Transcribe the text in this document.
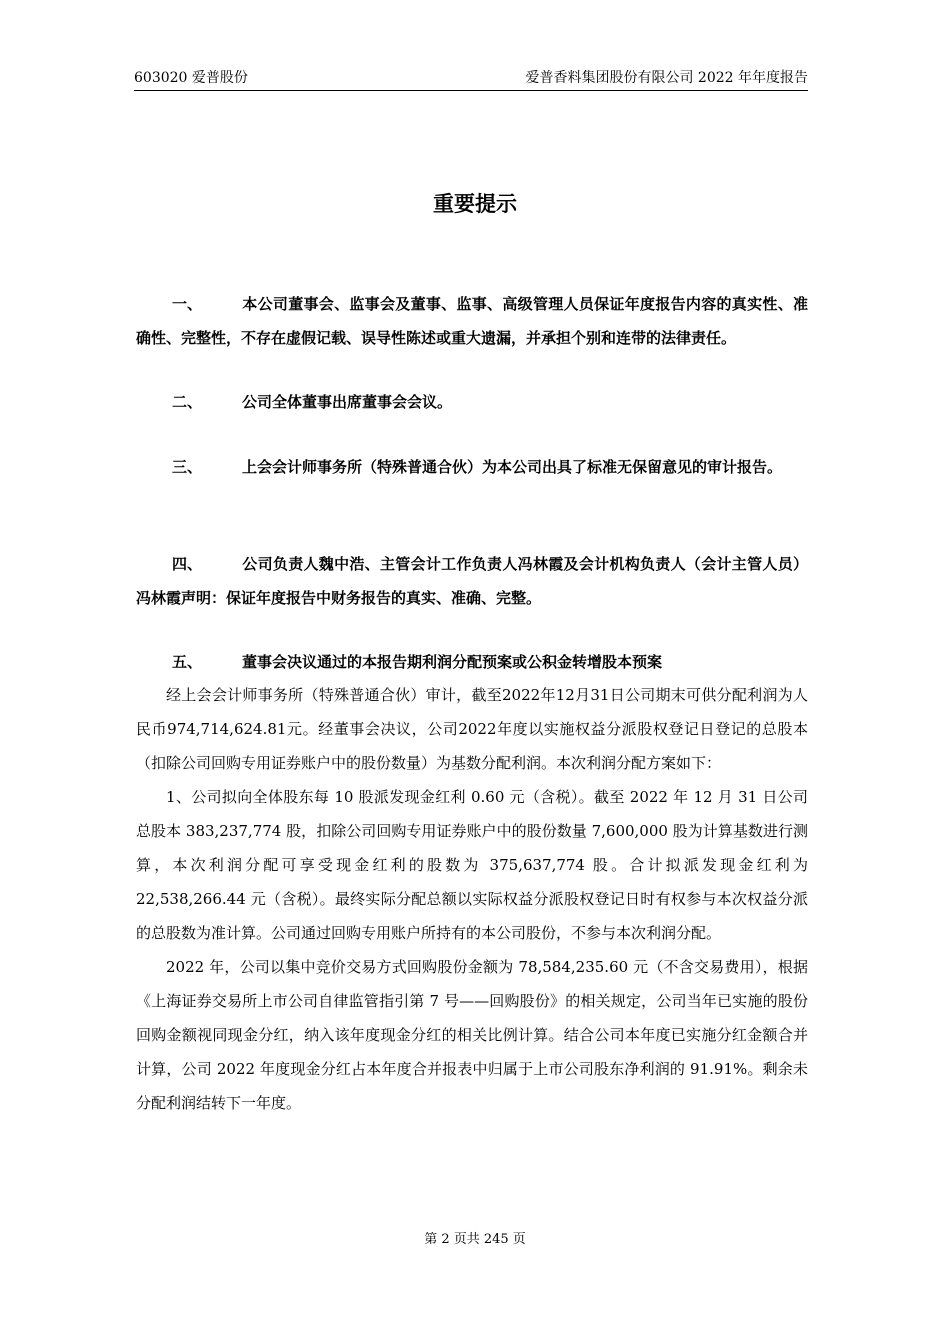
603020 爱普股份	爱普香料集团股份有限公司 2022 年年度报告
重要提示
一、	本公司董事会、监事会及董事、监事、高级管理人员保证年度报告内容的真实性、准确性、完整性，不存在虚假记载、误导性陈述或重大遗漏，并承担个别和连带的法律责任。
二、	公司全体董事出席董事会会议。
三、	上会会计师事务所（特殊普通合伙）为本公司出具了标准无保留意见的审计报告。
四、	公司负责人魏中浩、主管会计工作负责人冯林霞及会计机构负责人（会计主管人员）冯林霞声明：保证年度报告中财务报告的真实、准确、完整。
五、	董事会决议通过的本报告期利润分配预案或公积金转增股本预案

经上会会计师事务所（特殊普通合伙）审计，截至2022年12月31日公司期末可供分配利润为人民币974,714,624.81元。经董事会决议，公司2022年度以实施权益分派股权登记日登记的总股本（扣除公司回购专用证券账户中的股份数量）为基数分配利润。本次利润分配方案如下：

1、公司拟向全体股东每 10 股派发现金红利 0.60 元（含税）。截至 2022 年 12 月 31 日公司总股本 383,237,774 股，扣除公司回购专用证券账户中的股份数量 7,600,000 股为计算基数进行测算，本次利润分配可享受现金红利的股数为 375,637,774 股。合计拟派发现金红利为 22,538,266.44 元（含税）。最终实际分配总额以实际权益分派股权登记日时有权参与本次权益分派的总股数为准计算。公司通过回购专用账户所持有的本公司股份，不参与本次利润分配。

2022 年，公司以集中竞价交易方式回购股份金额为 78,584,235.60 元（不含交易费用），根据《上海证券交易所上市公司自律监管指引第 7 号——回购股份》的相关规定，公司当年已实施的股份回购金额视同现金分红，纳入该年度现金分红的相关比例计算。结合公司本年度已实施分红金额合并计算，公司 2022 年度现金分红占本年度合并报表中归属于上市公司股东净利润的 91.91%。剩余未分配利润结转下一年度。

第 2 页共 245 页
